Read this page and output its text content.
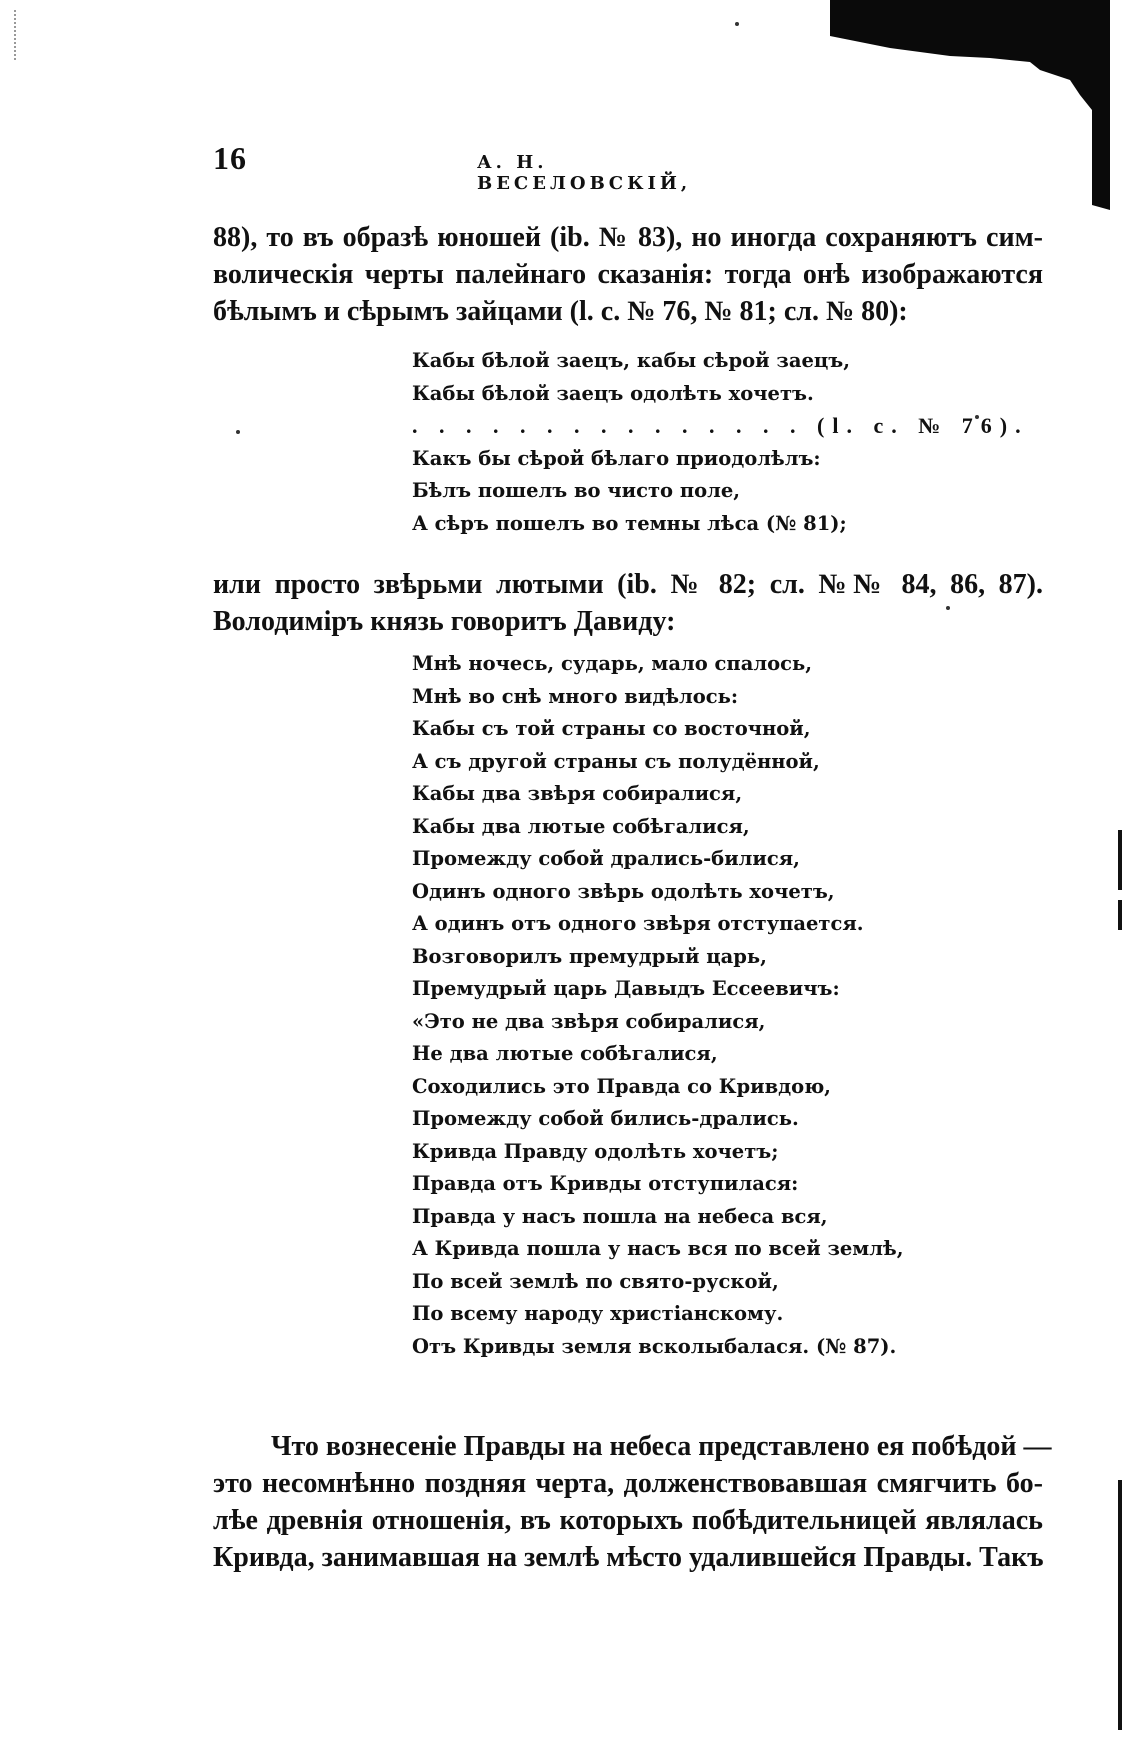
16	А. Н. ВЕСЕЛОВСКІЙ,
88), то въ образѣ юношей (ib. № 83), но иногда сохраняютъ сим-
волическія черты палейнаго сказанія: тогда онѣ изображаются
бѣлымъ и сѣрымъ зайцами (l. c. № 76, № 81; сл. № 80):
Кабы бѣлой заецъ, кабы сѣрой заецъ,
Кабы бѣлой заецъ одолѣть хочетъ.
. . . . . . . . . . . . . . . (l. c. № 76).
Какъ бы сѣрой бѣлаго приодолѣлъ:
Бѣлъ пошелъ во чисто поле,
А сѣръ пошелъ во темны лѣса (№ 81);
или просто звѣрьми лютыми (ib. № 82; сл. №№ 84, 86, 87).
Володиміръ князь говоритъ Давиду:
Мнѣ ночесь, сударь, мало спалось,
Мнѣ во снѣ много видѣлось:
Кабы съ той страны со восточной,
А съ другой страны съ полудённой,
Кабы два звѣря собиралися,
Кабы два лютые собѣгалися,
Промежду собой дрались-билися,
Одинъ одного звѣрь одолѣть хочетъ,
А одинъ отъ одного звѣря отступается.
Возговорилъ премудрый царь,
Премудрый царь Давыдъ Ессеевичъ:
«Это не два звѣря собиралися,
Не два лютые собѣгалися,
Соходились это Правда со Кривдою,
Промежду собой бились-дрались.
Кривда Правду одолѣть хочетъ;
Правда отъ Кривды отступилася:
Правда у насъ пошла на небеса вся,
А Кривда пошла у насъ вся по всей землѣ,
По всей землѣ по свято-руской,
По всему народу христіанскому.
Отъ Кривды земля всколыбалася. (№ 87).
Что вознесеніе Правды на небеса представлено ея побѣдой —
это несомнѣнно поздняя черта, долженствовавшая смягчить бо-
лѣе древнія отношенія, въ которыхъ побѣдительницей являлась
Кривда, занимавшая на землѣ мѣсто удалившейся Правды. Такъ
